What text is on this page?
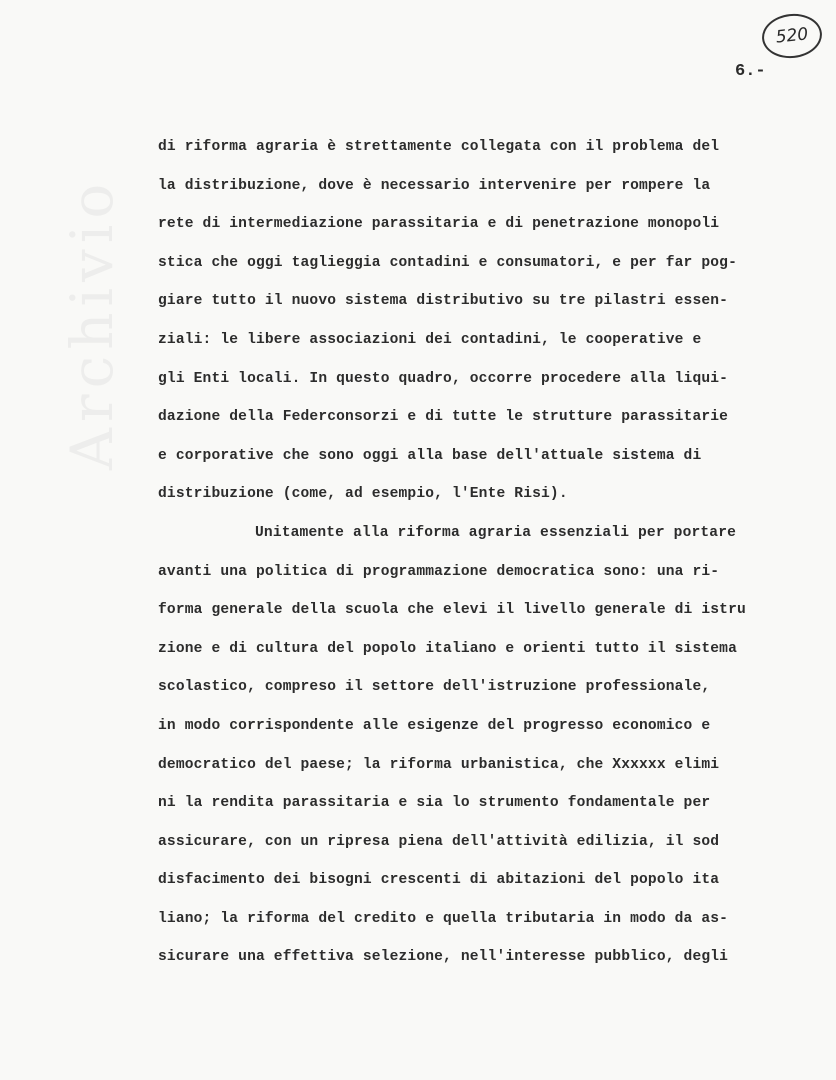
Archivio
520
6.-
di riforma agraria è strettamente collegata con il problema del
la distribuzione, dove è necessario intervenire per rompere la
rete di intermediazione parassitaria e di penetrazione monopoli
stica che oggi taglieggia contadini e consumatori, e per far pog-
giare tutto il nuovo sistema distributivo su tre pilastri essen-
ziali: le libere associazioni dei contadini, le cooperative e
gli Enti locali. In questo quadro, occorre procedere alla liqui-
dazione della Federconsorzi e di tutte le strutture parassitarie
e corporative che sono oggi alla base dell'attuale sistema di
distribuzione (come, ad esempio, l'Ente Risi).
Unitamente alla riforma agraria essenziali per portare
avanti una politica di programmazione democratica sono: una ri-
forma generale della scuola che elevi il livello generale di istru
zione e di cultura del popolo italiano e orienti tutto il sistema
scolastico, compreso il settore dell'istruzione professionale,
in modo corrispondente alle esigenze del progresso economico e
democratico del paese; la riforma urbanistica, che Xxxxxx elimi
ni la rendita parassitaria e sia lo strumento fondamentale per
assicurare, con un ripresa piena dell'attività edilizia, il sod
disfacimento dei bisogni crescenti di abitazioni del popolo ita
liano; la riforma del credito e quella tributaria in modo da as-
sicurare una effettiva selezione, nell'interesse pubblico, degli
